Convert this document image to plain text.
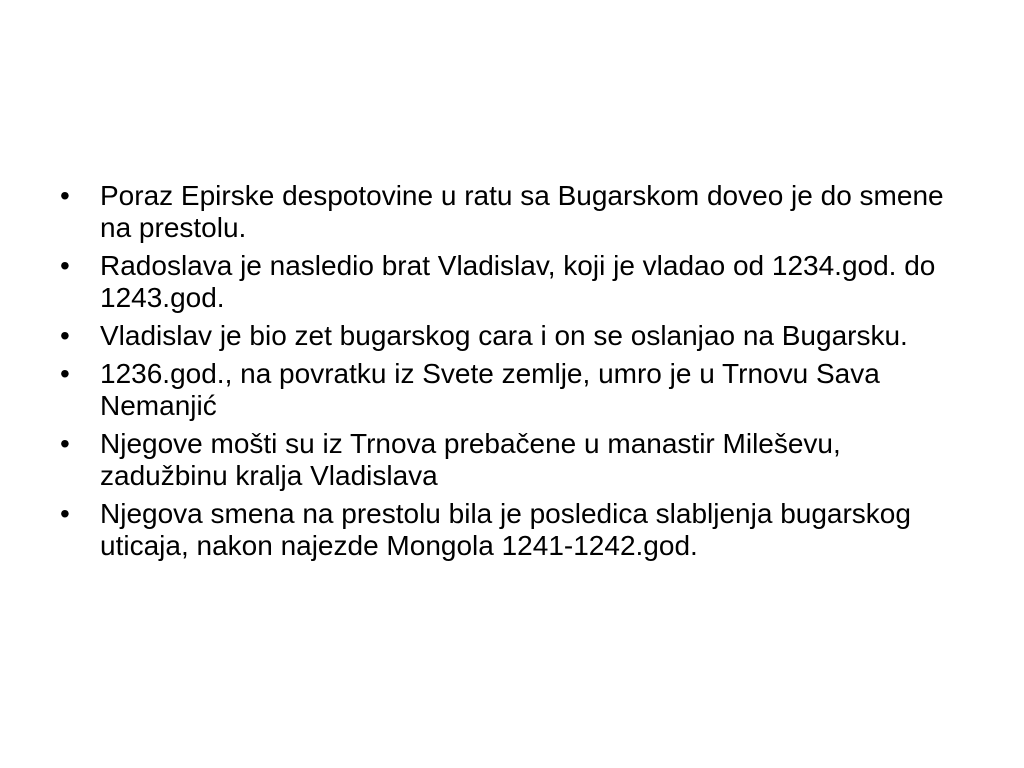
•	Poraz Epirske despotovine u ratu sa Bugarskom doveo je do smene na prestolu.
•	Radoslava je nasledio brat Vladislav, koji je vladao od 1234.god. do 1243.god.
•	Vladislav je bio zet bugarskog cara i on se oslanjao na Bugarsku.
•	1236.god., na povratku iz Svete zemlje, umro je u Trnovu Sava Nemanjić
•	Njegove mošti su iz Trnova prebačene u manastir Mileševu, zadužbinu kralja Vladislava
•	Njegova smena na prestolu bila je posledica slabljenja bugarskog uticaja, nakon najezde Mongola 1241-1242.god.
